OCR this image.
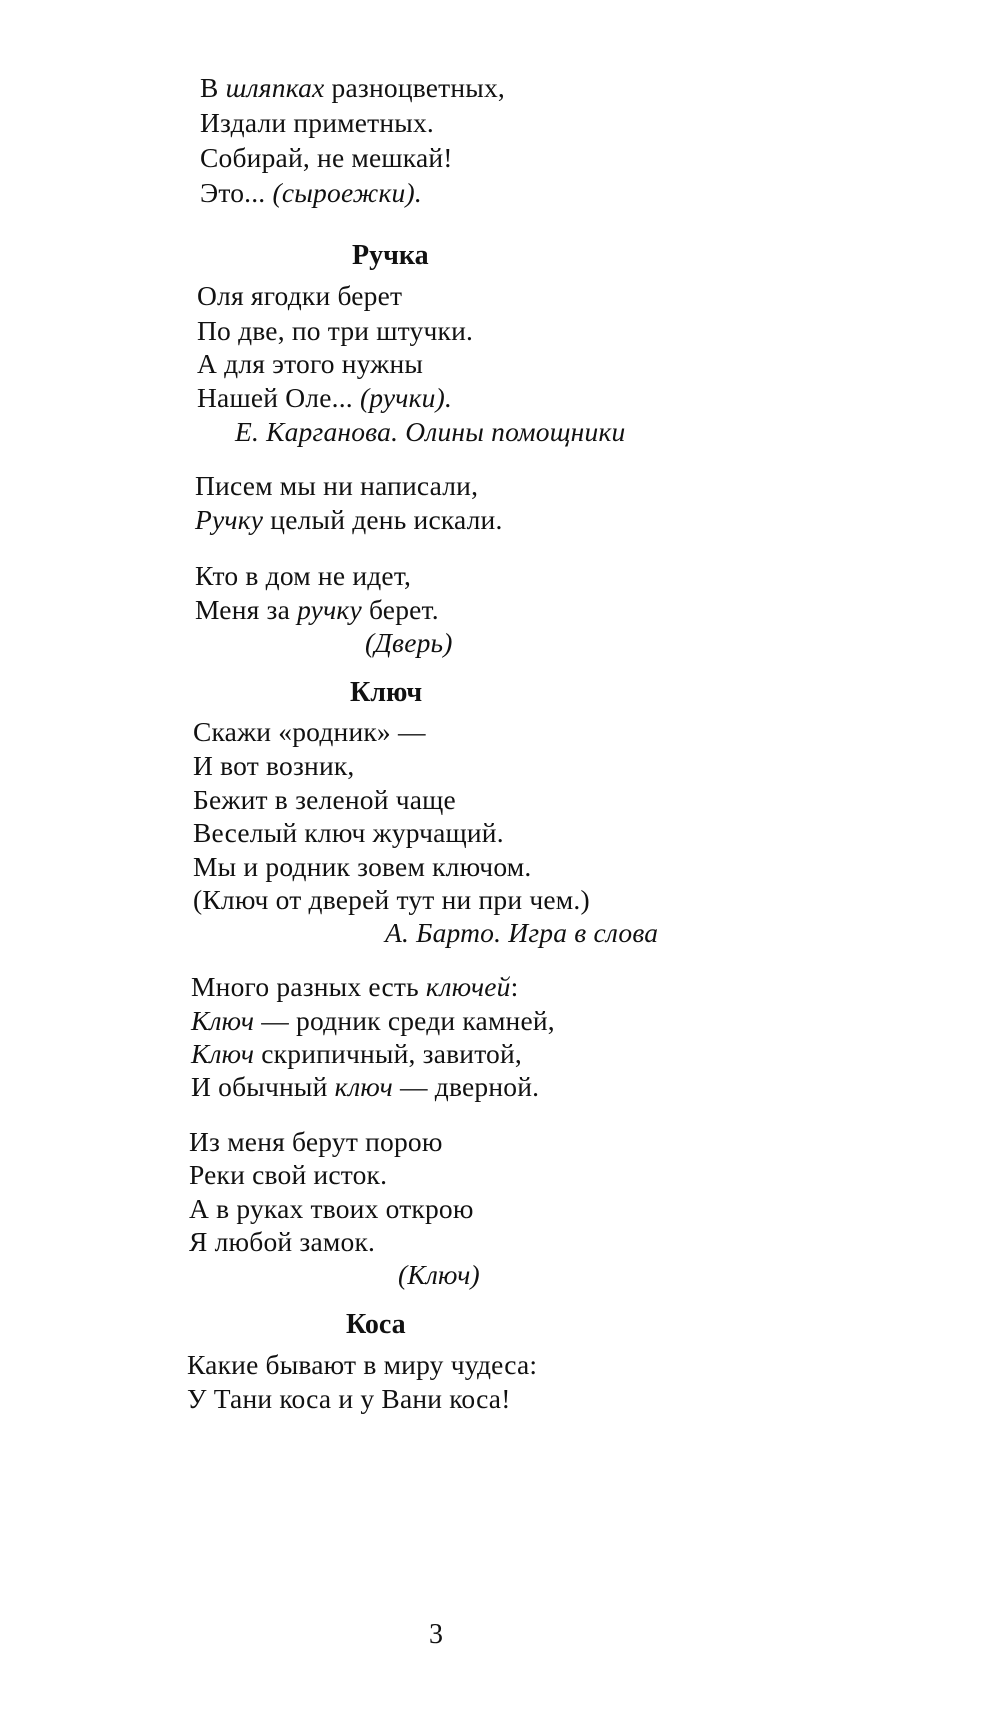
В шляпках разноцветных,
Издали приметных.
Собирай, не мешкай!
Это... (сыроежки).
Ручка
Оля ягодки берет
По две, по три штучки.
А для этого нужны
Нашей Оле... (ручки).
Е. Карганова. Олины помощники
Писем мы ни написали,
Ручку целый день искали.
Кто в дом не идет,
Меня за ручку берет.
(Дверь)
Ключ
Скажи «родник» —
И вот возник,
Бежит в зеленой чаще
Веселый ключ журчащий.
Мы и родник зовем ключом.
(Ключ от дверей тут ни при чем.)
А. Барто. Игра в слова
Много разных есть ключей:
Ключ — родник среди камней,
Ключ скрипичный, завитой,
И обычный ключ — дверной.
Из меня берут порою
Реки свой исток.
А в руках твоих открою
Я любой замок.
(Ключ)
Коса
Какие бывают в миру чудеса:
У Тани коса и у Вани коса!
3
